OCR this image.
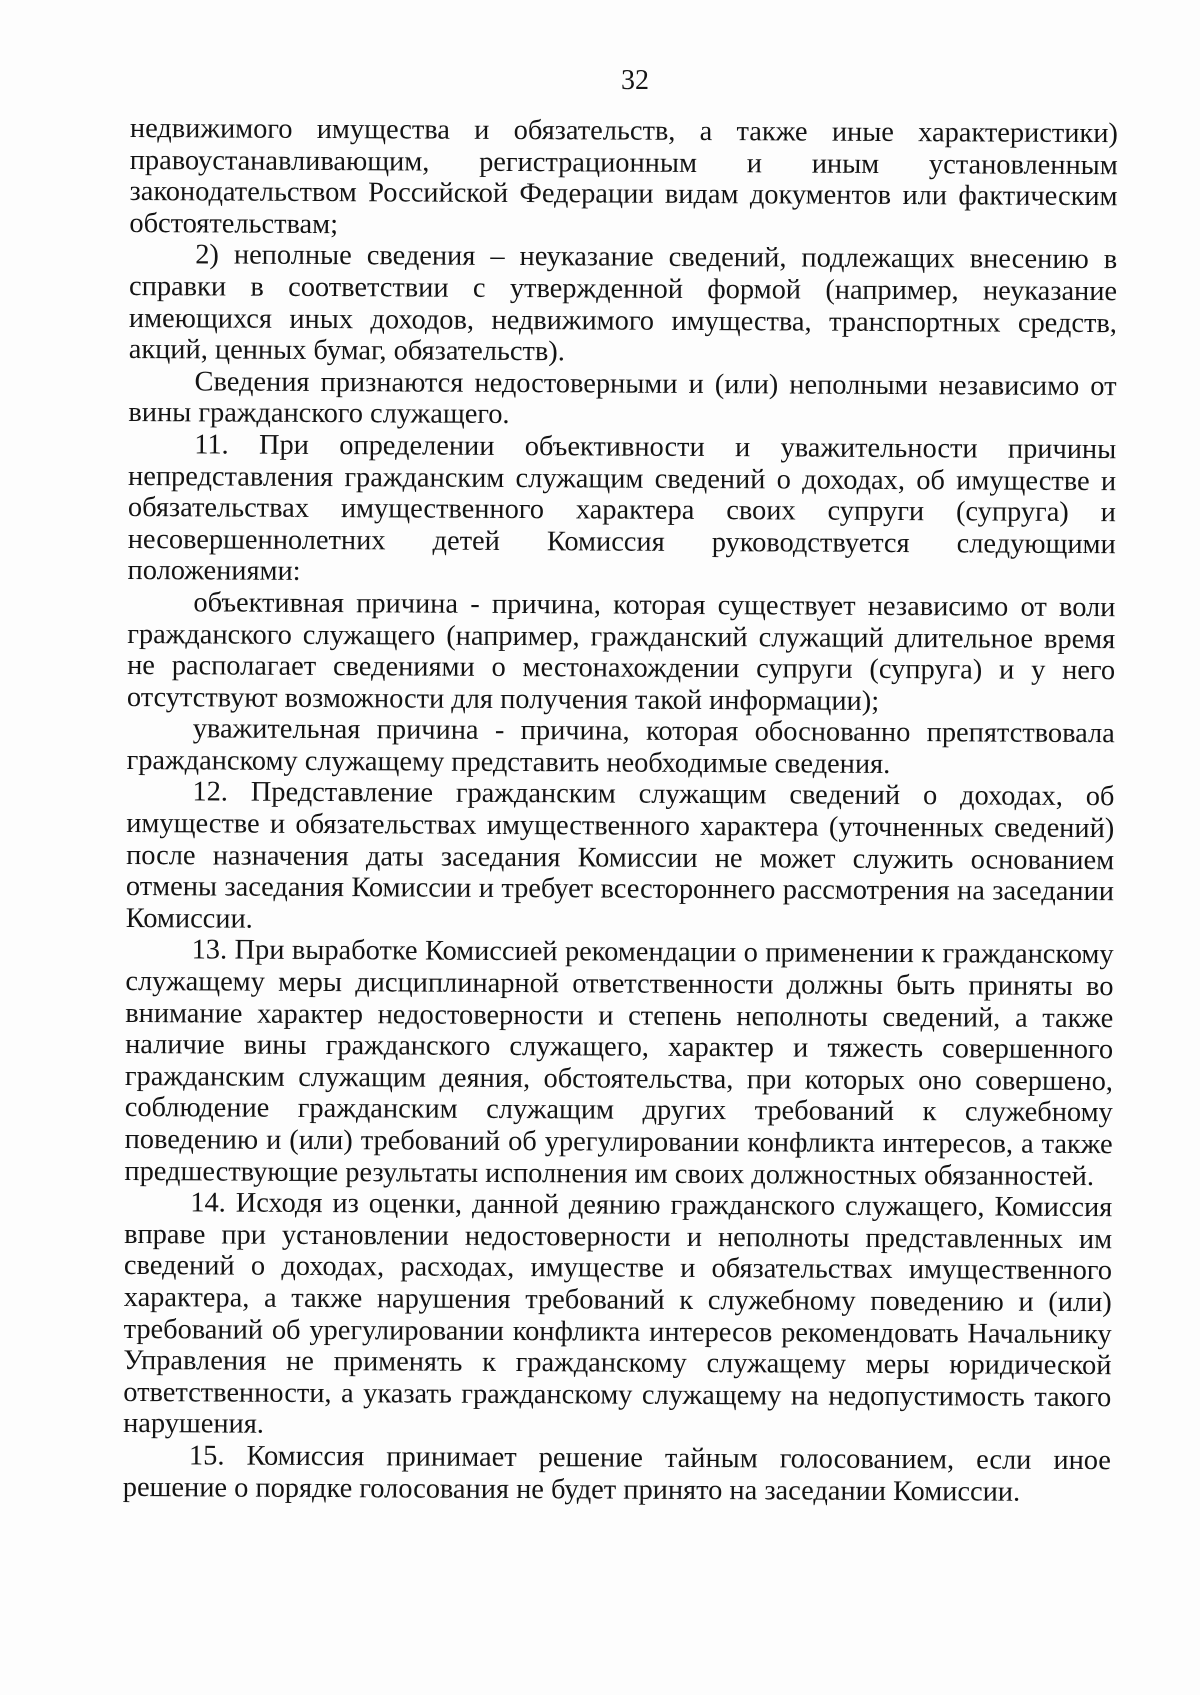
32

недвижимого имущества и обязательств, а также иные характеристики) правоустанавливающим, регистрационным и иным установленным законодательством Российской Федерации видам документов или фактическим обстоятельствам;

2) неполные сведения – неуказание сведений, подлежащих внесению в справки в соответствии с утвержденной формой (например, неуказание имеющихся иных доходов, недвижимого имущества, транспортных средств, акций, ценных бумаг, обязательств).

Сведения признаются недостоверными и (или) неполными независимо от вины гражданского служащего.

11. При определении объективности и уважительности причины непредставления гражданским служащим сведений о доходах, об имуществе и обязательствах имущественного характера своих супруги (супруга) и несовершеннолетних детей Комиссия руководствуется следующими положениями:

объективная причина - причина, которая существует независимо от воли гражданского служащего (например, гражданский служащий длительное время не располагает сведениями о местонахождении супруги (супруга) и у него отсутствуют возможности для получения такой информации);

уважительная причина - причина, которая обоснованно препятствовала гражданскому служащему представить необходимые сведения.

12. Представление гражданским служащим сведений о доходах, об имуществе и обязательствах имущественного характера (уточненных сведений) после назначения даты заседания Комиссии не может служить основанием отмены заседания Комиссии и требует всестороннего рассмотрения на заседании Комиссии.

13. При выработке Комиссией рекомендации о применении к гражданскому служащему меры дисциплинарной ответственности должны быть приняты во внимание характер недостоверности и степень неполноты сведений, а также наличие вины гражданского служащего, характер и тяжесть совершенного гражданским служащим деяния, обстоятельства, при которых оно совершено, соблюдение гражданским служащим других требований к служебному поведению и (или) требований об урегулировании конфликта интересов, а также предшествующие результаты исполнения им своих должностных обязанностей.

14. Исходя из оценки, данной деянию гражданского служащего, Комиссия вправе при установлении недостоверности и неполноты представленных им сведений о доходах, расходах, имуществе и обязательствах имущественного характера, а также нарушения требований к служебному поведению и (или) требований об урегулировании конфликта интересов рекомендовать Начальнику Управления не применять к гражданскому служащему меры юридической ответственности, а указать гражданскому служащему на недопустимость такого нарушения.

15. Комиссия принимает решение тайным голосованием, если иное решение о порядке голосования не будет принято на заседании Комиссии.
